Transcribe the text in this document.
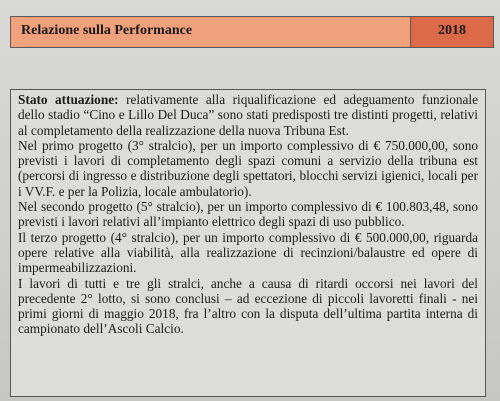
Relazione sulla Performance	2018

Stato attuazione: relativamente alla riqualificazione ed adeguamento funzionale dello stadio “Cino e Lillo Del Duca” sono stati predisposti tre distinti progetti, relativi al completamento della realizzazione della nuova Tribuna Est.

Nel primo progetto (3° stralcio), per un importo complessivo di € 750.000,00, sono previsti i lavori di completamento degli spazi comuni a servizio della tribuna est (percorsi di ingresso e distribuzione degli spettatori, blocchi servizi igienici, locali per i VV.F. e per la Polizia, locale ambulatorio).

Nel secondo progetto (5° stralcio), per un importo complessivo di € 100.803,48, sono previsti i lavori relativi all’impianto elettrico degli spazi di uso pubblico.

Il terzo progetto (4° stralcio), per un importo complessivo di € 500.000,00, riguarda opere relative alla viabilità, alla realizzazione di recinzioni/balaustre ed opere di impermeabilizzazioni.

I lavori di tutti e tre gli stralci, anche a causa di ritardi occorsi nei lavori del precedente 2° lotto, si sono conclusi – ad eccezione di piccoli lavoretti finali - nei primi giorni di maggio 2018, fra l’altro con la disputa dell’ultima partita interna di campionato dell’Ascoli Calcio.
